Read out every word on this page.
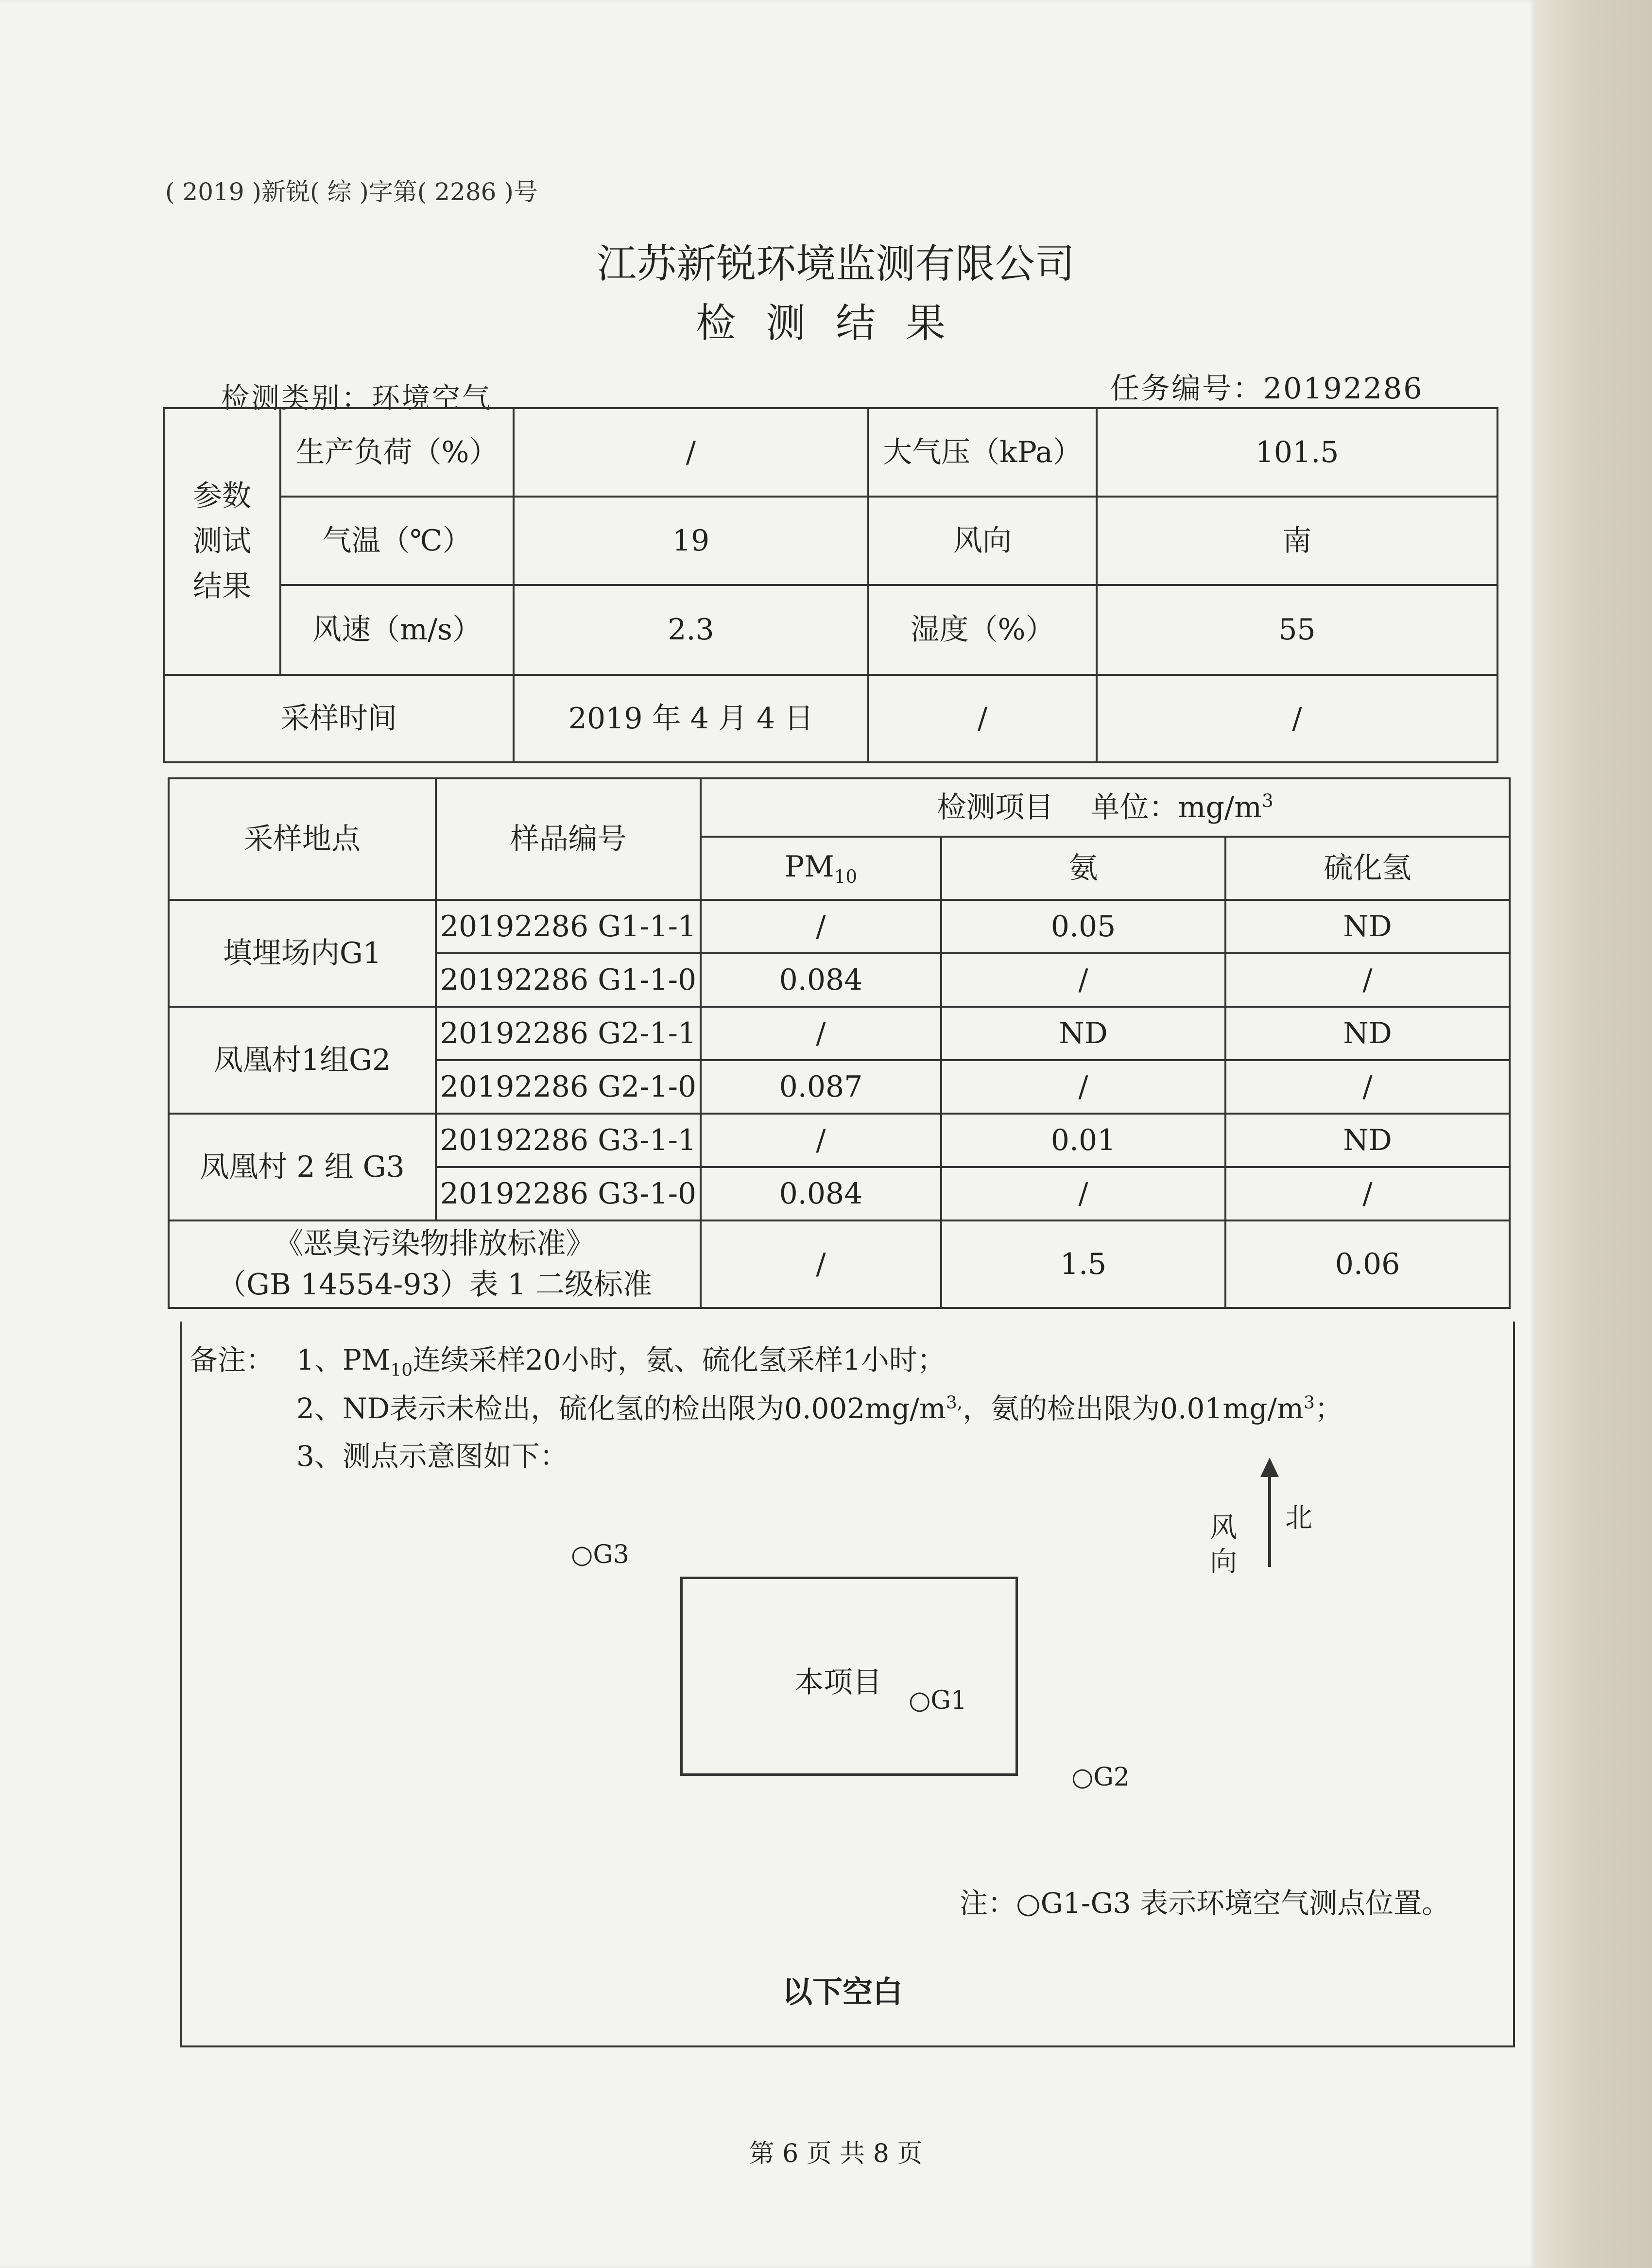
( 2019 )新锐( 综 )字第( 2286 )号
江苏新锐环境监测有限公司
检测结果
检测类别：环境空气	任务编号：20192286
参数测试结果	生产负荷（%）	/	大气压（kPa）	101.5
	气温（℃）	19	风向	南
	风速（m/s）	2.3	湿度（%）	55
采样时间		2019 年 4 月 4 日	/	/
采样地点	样品编号	检测项目 单位：$mg/m^3$
		$PM_{10}$	氨	硫化氢
填埋场内G1	20192286 G1-1-1	/	0.05	ND
	20192286 G1-1-0	0.084	/	/
凤凰村1组G2	20192286 G2-1-1	/	ND	ND
	20192286 G2-1-0	0.087	/	/
凤凰村 2 组 G3	20192286 G3-1-1	/	0.01	ND
	20192286 G3-1-0	0.084	/	/

《恶臭污染物排放标准》
（GB 14554-93）表 1 二级标准		/	1.5	0.06
备注： 1、$PM_{10}$连续采样20小时，氨、硫化氢采样1小时；
2、ND表示未检出，硫化氢的检出限为$0.002mg/m^{3,}$，氨的检出限为$0.01mg/m^3$；
3、测点示意图如下：
○G3
本项目
○G1
○G2
北
风
向
注：○G1-G3 表示环境空气测点位置。
以下空白
第 6 页 共 8 页
